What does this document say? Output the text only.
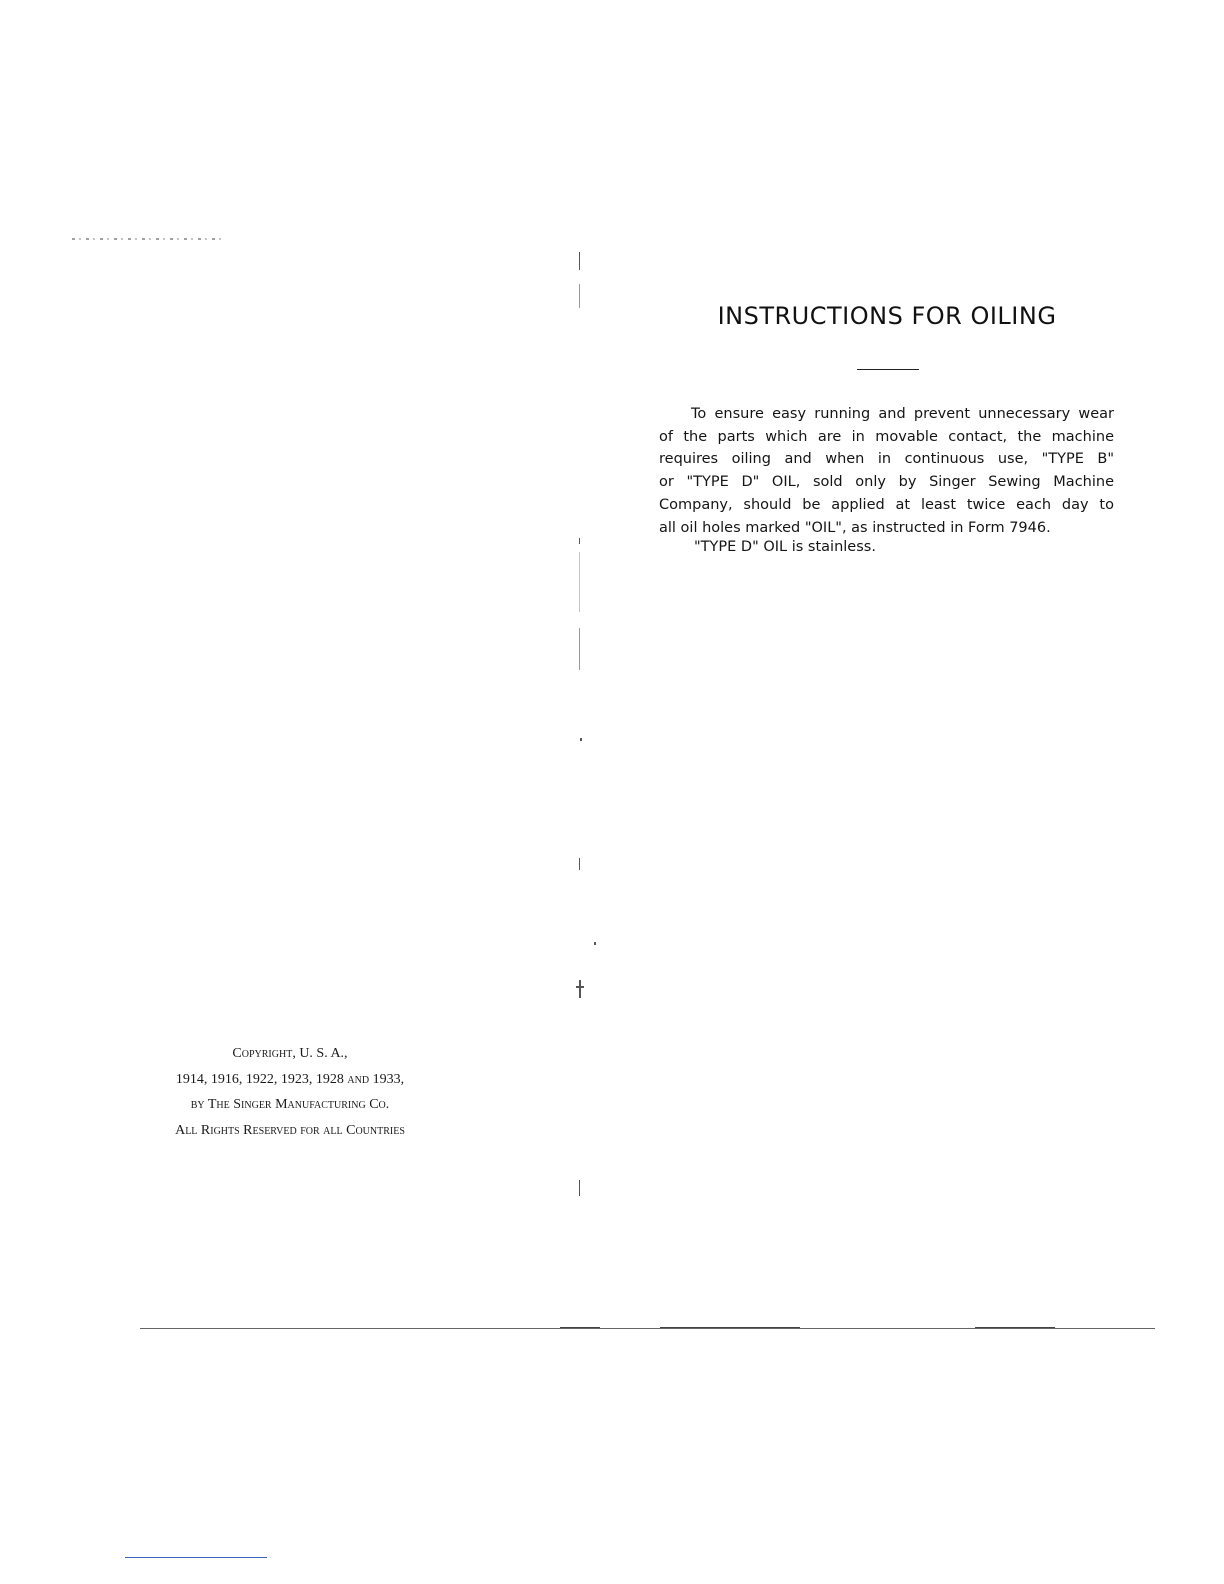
INSTRUCTIONS FOR OILING
To ensure easy running and prevent unnecessary wear
of the parts which are in movable contact, the machine
requires oiling and when in continuous use, "TYPE B"
or "TYPE D" OIL, sold only by Singer Sewing Machine
Company, should be applied at least twice each day to
all oil holes marked "OIL", as instructed in Form 7946.

"TYPE D" OIL is stainless.

Copyright, U. S. A.,
1914, 1916, 1922, 1923, 1928 and 1933,
by The Singer Manufacturing Co.
All Rights Reserved for all Countries
